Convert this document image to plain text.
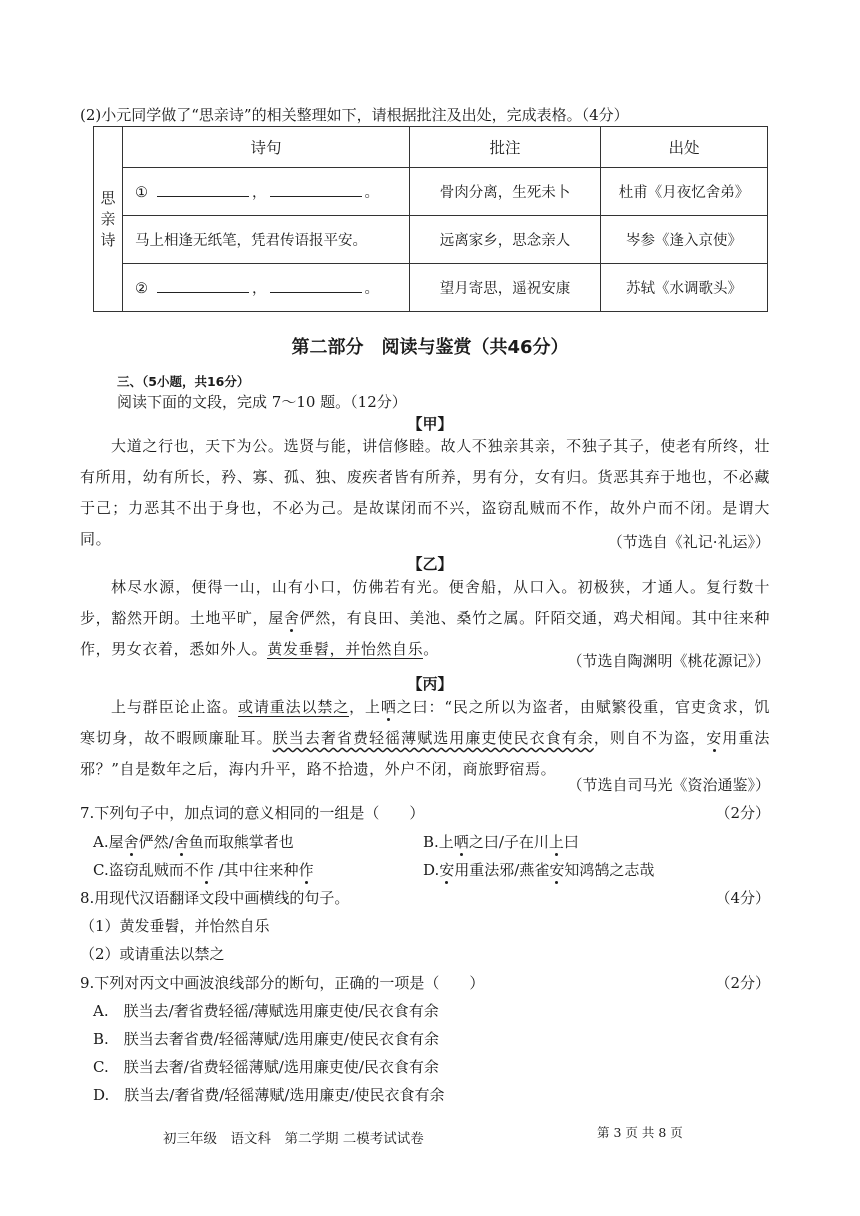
(2)小元同学做了“思亲诗”的相关整理如下，请根据批注及出处，完成表格。（4分）
思
亲
诗	诗句	批注	出处
	① ， 。	骨肉分离，生死未卜	杜甫《月夜忆舍弟》
	马上相逢无纸笔，凭君传语报平安。	远离家乡，思念亲人	岑参《逢入京使》
	② ， 。	望月寄思，遥祝安康	苏轼《水调歌头》
第二部分　阅读与鉴赏（共46分）
三、（5小题，共16分）
阅读下面的文段，完成 7～10 题。（12分）
【甲】
大道之行也，天下为公。选贤与能，讲信修睦。故人不独亲其亲，不独子其子，使老有所终，壮有所用，幼有所长，矜、寡、孤、独、废疾者皆有所养，男有分，女有归。货恶其弃于地也，不必藏于己；力恶其不出于身也，不必为己。是故谋闭而不兴，盗窃乱贼而不作，故外户而不闭。是谓大同。	（节选自《礼记·礼运》）
【乙】
林尽水源，便得一山，山有小口，仿佛若有光。便舍船，从口入。初极狭，才通人。复行数十步，豁然开朗。土地平旷，屋舍俨然，有良田、美池、桑竹之属。阡陌交通，鸡犬相闻。其中往来种作，男女衣着，悉如外人。黄发垂髫，并怡然自乐。
（节选自陶渊明《桃花源记》）
【丙】
上与群臣论止盗。或请重法以禁之，上哂之曰：“民之所以为盗者，由赋繁役重，官吏贪求，饥寒切身，故不暇顾廉耻耳。朕当去奢省费轻徭薄赋选用廉吏使民衣食有余，则自不为盗，安用重法邪？”自是数年之后，海内升平，路不拾遗，外户不闭，商旅野宿焉。
（节选自司马光《资治通鉴》）
7.下列句子中，加点词的意义相同的一组是（　　）	（2分）
A.屋舍俨然/舍鱼而取熊掌者也	B.上哂之曰/子在川上曰
C.盗窃乱贼而不作 /其中往来种作	D.安用重法邪/燕雀安知鸿鹄之志哉
8.用现代汉语翻译文段中画横线的句子。	（4分）
（1）黄发垂髫，并怡然自乐
（2）或请重法以禁之
9.下列对丙文中画波浪线部分的断句，正确的一项是（　　）	（2分）
A.　朕当去/奢省费轻徭/薄赋选用廉吏使/民衣食有余
B.　朕当去奢省费/轻徭薄赋/选用廉吏/使民衣食有余
C.　朕当去奢/省费轻徭薄赋/选用廉吏使/民衣食有余
D.　朕当去/奢省费/轻徭薄赋/选用廉吏/使民衣食有余
初三年级　语文科　第二学期 二模考试试卷	第 3 页 共 8 页
